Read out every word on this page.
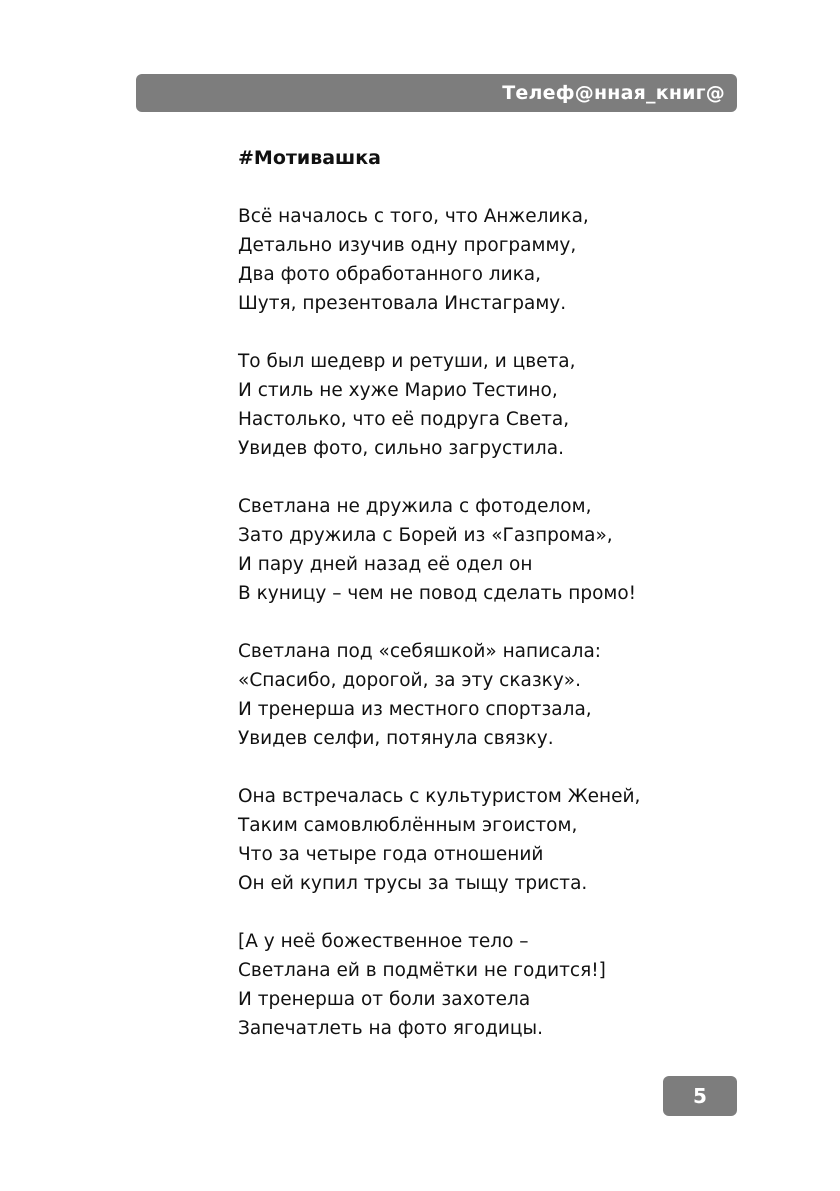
Телеф@нная_книг@
#Мотивашка
Всё началось с того, что Анжелика,
Детально изучив одну программу,
Два фото обработанного лика,
Шутя, презентовала Инстаграму.
То был шедевр и ретуши, и цвета,
И стиль не хуже Марио Тестино,
Настолько, что её подруга Света,
Увидев фото, сильно загрустила.
Светлана не дружила с фотоделом,
Зато дружила с Борей из «Газпрома»,
И пару дней назад её одел он
В куницу – чем не повод сделать промо!
Светлана под «себяшкой» написала:
«Спасибо, дорогой, за эту сказку».
И тренерша из местного спортзала,
Увидев селфи, потянула связку.
Она встречалась с культуристом Женей,
Таким самовлюблённым эгоистом,
Что за четыре года отношений
Он ей купил трусы за тыщу триста.
[А у неё божественное тело –
Светлана ей в подмётки не годится!]
И тренерша от боли захотела
Запечатлеть на фото ягодицы.
5
